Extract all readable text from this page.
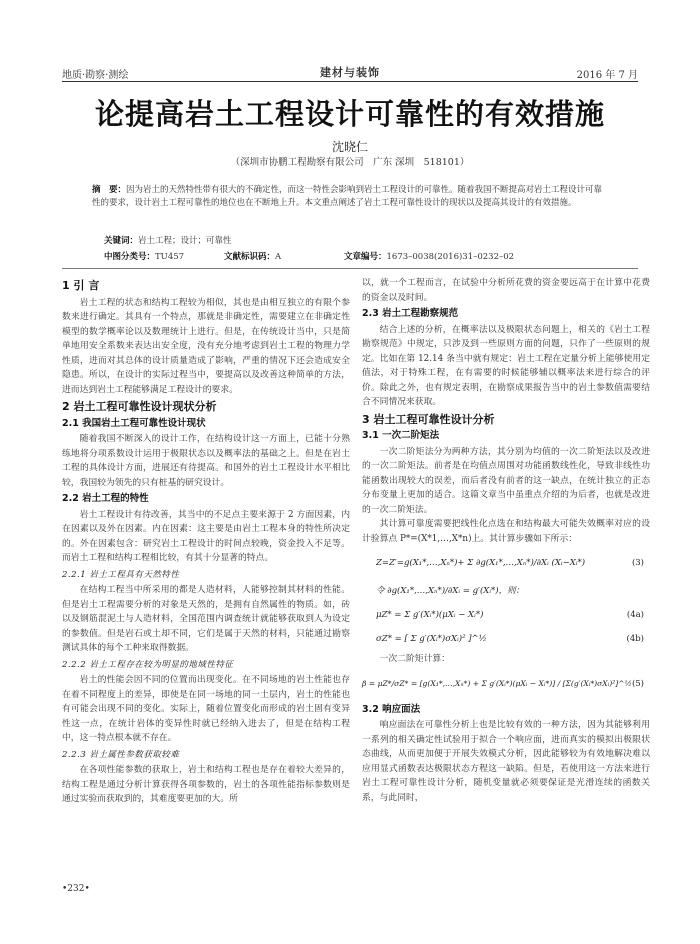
地质·勘察·测绘	建材与装饰	2016 年 7 月
论提高岩土工程设计可靠性的有效措施
沈晓仁
（深圳市协鹏工程勘察有限公司　广东 深圳　518101）
摘　要：因为岩土的天然特性带有很大的不确定性，而这一特性会影响到岩土工程设计的可靠性。随着我国不断提高对岩土工程设计可靠性的要求，设计岩土工程可靠性的地位也在不断地上升。本文重点阐述了岩土工程可靠性设计的现状以及提高其设计的有效措施。
关键词：岩土工程；设计；可靠性
中图分类号：TU457	文献标识码：A	文章编号：1673–0038(2016)31–0232–02
1 引 言

岩土工程的状态和结构工程较为相似，其也是由相互独立的有限个参数来进行确定。其具有一个特点，那就是非确定性，需要建立在非确定性模型的数学概率论以及数理统计上进行。但是，在传统设计当中，只是简单地用安全系数来表达出安全度，没有充分地考虑到岩土工程的物理力学性质，进而对其总体的设计质量造成了影响，严重的情况下还会造成安全隐患。所以，在设计的实际过程当中，要提高以及改善这种简单的方法，进而达到岩土工程能够满足工程设计的要求。

2 岩土工程可靠性设计现状分析
2.1 我国岩土工程可靠性设计现状

随着我国不断深入的设计工作，在结构设计这一方面上，已能十分熟练地将分项系数设计运用于极限状态以及概率法的基础之上。但是在岩土工程的具体设计方面，进展还有待提高。和国外的岩土工程设计水平相比较，我国较为领先的只有桩基的研究设计。

2.2 岩土工程的特性

岩土工程设计有待改善，其当中的不足点主要来源于 2 方面因素，内在因素以及外在因素。内在因素：这主要是由岩土工程本身的特性所决定的。外在因素包含：研究岩土工程设计的时间点较晚，资金投入不足等。而岩土工程和结构工程相比较，有其十分显著的特点。

2.2.1 岩土工程具有天然特性

在结构工程当中所采用的都是人造材料，人能够控制其材料的性能。但是岩土工程需要分析的对象是天然的，是拥有自然属性的物质。如，砖以及钢筋混泥土与人造材料，全国范围内调查统计就能够获取到人为设定的参数值。但是岩石或土却不同，它们是属于天然的材料，只能通过勘察测试具体的每个工种来取得数据。

2.2.2 岩土工程存在较为明显的地域性特征

岩土的性能会因不同的位置而出现变化。在不同场地的岩土性能也存在着不同程度上的差异，即使是在同一场地的同一土层内，岩土的性能也有可能会出现不同的变化。实际上，随着位置变化而形成的岩土固有变异性这一点，在统计岩体的变异性时就已经纳入进去了，但是在结构工程中，这一特点根本就不存在。

2.2.3 岩土属性参数获取较难

在各项性能参数的获取上，岩土和结构工程也是存在着较大差异的，结构工程是通过分析计算获得各项参数的，岩土的各项性能指标参数则是通过实验而获取到的，其难度要更加的大。所

以，就一个工程而言，在试验中分析所花费的资金要远高于在计算中花费的资金以及时间。

2.3 岩土工程勘察规范

结合上述的分析，在概率法以及极限状态问题上，相关的《岩土工程勘察规范》中规定，只涉及到一些原则方面的问题，只作了一些原则的规定。比如在第 12.14 条当中就有规定：岩土工程在定量分析上能够使用定值法，对于特殊工程，在有需要的时候能够辅以概率法来进行综合的评价。除此之外，也有规定表明，在勘察成果报告当中的岩土参数值需要结合不同情况来获取。

3 岩土工程可靠性设计分析
3.1 一次二阶矩法

一次二阶矩法分为两种方法，其分别为均值的一次二阶矩法以及改进的一次二阶矩法。前者是在均值点周围对功能函数线性化，导致非线性功能函数出现较大的误差，而后者没有前者的这一缺点，在统计独立的正态分布变量上更加的适合。这篇文章当中虽重点介绍的为后者，也就是改进的一次二阶矩法。

其计算可靠度需要把线性化点选在和结构最大可能失效概率对应的设计验算点 P*=(X*1,…,X*n)上。其计算步骤如下所示：

Z=Z′=g(X₁*,…,Xₙ*)+ Σ ∂g(X₁*,…,Xₙ*)/∂Xᵢ (Xᵢ−Xᵢ*)	(3)
令 ∂g(X₁*,…,Xₙ*)/∂Xᵢ = g′(Xᵢ*)，则：
μZ* = Σ g′(Xᵢ*)(μXᵢ − Xᵢ*)	(4a)
σZ* = [ Σ g′(Xᵢ*)σXᵢ)² ]^½	(4b)

一次二阶矩计算：

β = μZ*/σZ* = [g(X₁*,…,Xₙ*) + Σ g′(Xᵢ*)(μXᵢ − Xᵢ*)] / [Σ(g′(Xᵢ*)σXᵢ)²]^½ (5)
3.2 响应面法

响应面法在可靠性分析上也是比较有效的一种方法，因为其能够利用一系列的相关确定性试验用于拟合一个响应面，进而真实的模拟出极限状态曲线，从而更加便于开展失效模式分析，因此能够较为有效地解决难以应用显式函数表达极限状态方程这一缺陷。但是，若使用这一方法来进行岩土工程可靠性设计分析，随机变量就必须要保证是光滑连续的函数关系，与此同时，

•232•
